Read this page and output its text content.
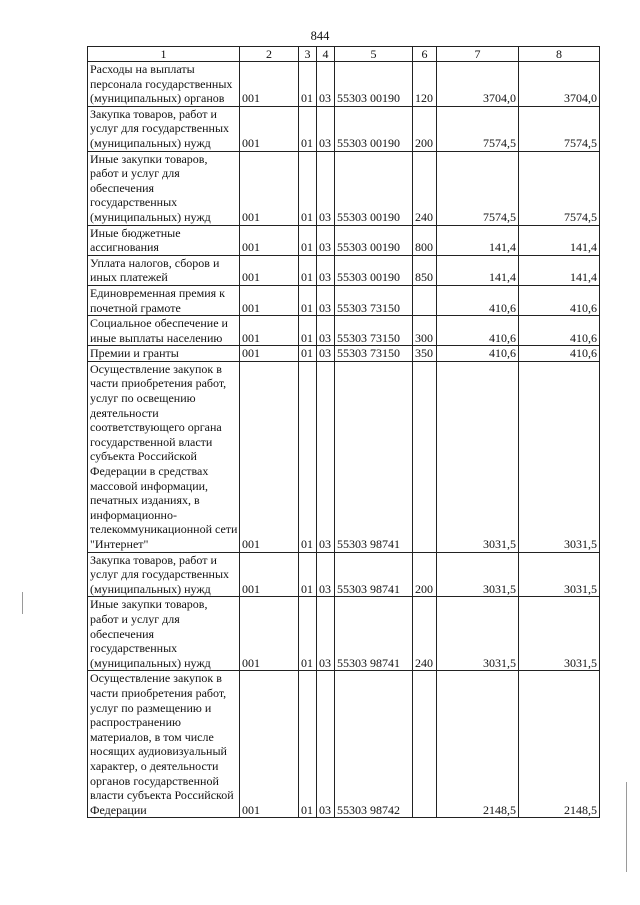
844
1	2	3	4	5	6	7	8
Расходы на выплаты персонала государственных (муниципальных) органов	001	01	03	55303 00190	120	3704,0	3704,0
Закупка товаров, работ и услуг для государственных (муниципальных) нужд	001	01	03	55303 00190	200	7574,5	7574,5
Иные закупки товаров, работ и услуг для обеспечения государственных (муниципальных) нужд	001	01	03	55303 00190	240	7574,5	7574,5
Иные бюджетные ассигнования	001	01	03	55303 00190	800	141,4	141,4
Уплата налогов, сборов и иных платежей	001	01	03	55303 00190	850	141,4	141,4
Единовременная премия к почетной грамоте	001	01	03	55303 73150		410,6	410,6
Социальное обеспечение и иные выплаты населению	001	01	03	55303 73150	300	410,6	410,6
Премии и гранты	001	01	03	55303 73150	350	410,6	410,6
Осуществление закупок в части приобретения работ, услуг по освещению деятельности соответствующего органа государственной власти субъекта Российской Федерации в средствах массовой информации, печатных изданиях, в информационно-телекоммуникационной сети "Интернет"	001	01	03	55303 98741		3031,5	3031,5
Закупка товаров, работ и услуг для государственных (муниципальных) нужд	001	01	03	55303 98741	200	3031,5	3031,5
Иные закупки товаров, работ и услуг для обеспечения государственных (муниципальных) нужд	001	01	03	55303 98741	240	3031,5	3031,5
Осуществление закупок в части приобретения работ, услуг по размещению и распространению материалов, в том числе носящих аудиовизуальный характер, о деятельности органов государственной власти субъекта Российской Федерации	001	01	03	55303 98742		2148,5	2148,5
